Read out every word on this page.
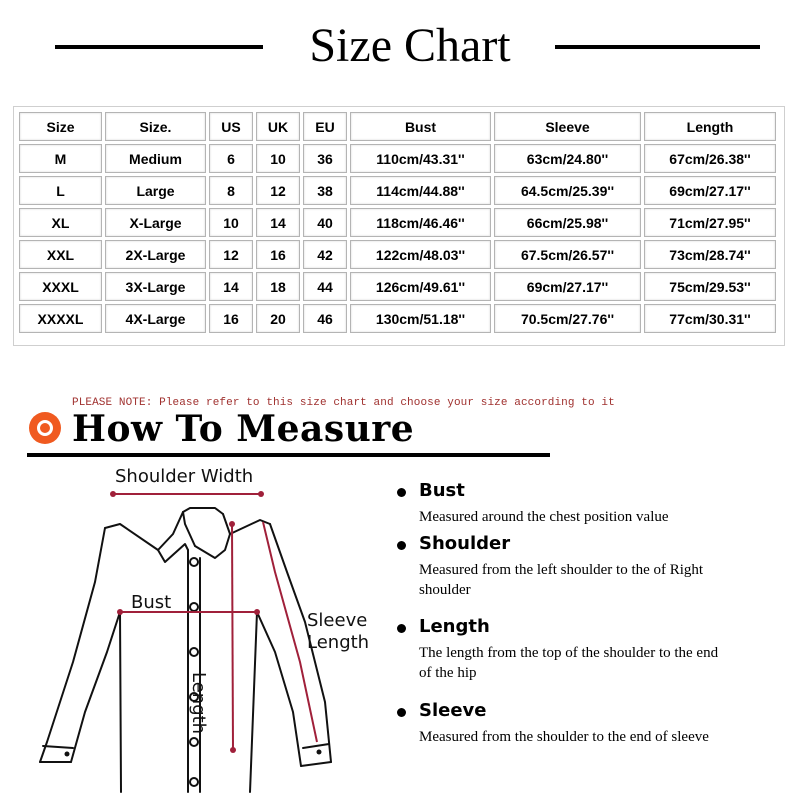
Size Chart
Size	Size.	US	UK	EU	Bust	Sleeve	Length
M	Medium	6	10	36	110cm/43.31''	63cm/24.80''	67cm/26.38''
L	Large	8	12	38	114cm/44.88''	64.5cm/25.39''	69cm/27.17''
XL	X-Large	10	14	40	118cm/46.46''	66cm/25.98''	71cm/27.95''
XXL	2X-Large	12	16	42	122cm/48.03''	67.5cm/26.57''	73cm/28.74''
XXXL	3X-Large	14	18	44	126cm/49.61''	69cm/27.17''	75cm/29.53''
XXXXL	4X-Large	16	20	46	130cm/51.18''	70.5cm/27.76''	77cm/30.31''
PLEASE NOTE: Please refer to this size chart and choose your size according to it
How To Measure
Shoulder Width
Bust
Sleeve
Length
Length
Bust
Measured around the chest position value
Shoulder
Measured from the left shoulder to the of Right shoulder
Length
The length from the top of the shoulder to the end of the hip
Sleeve
Measured from the shoulder to the end of sleeve
